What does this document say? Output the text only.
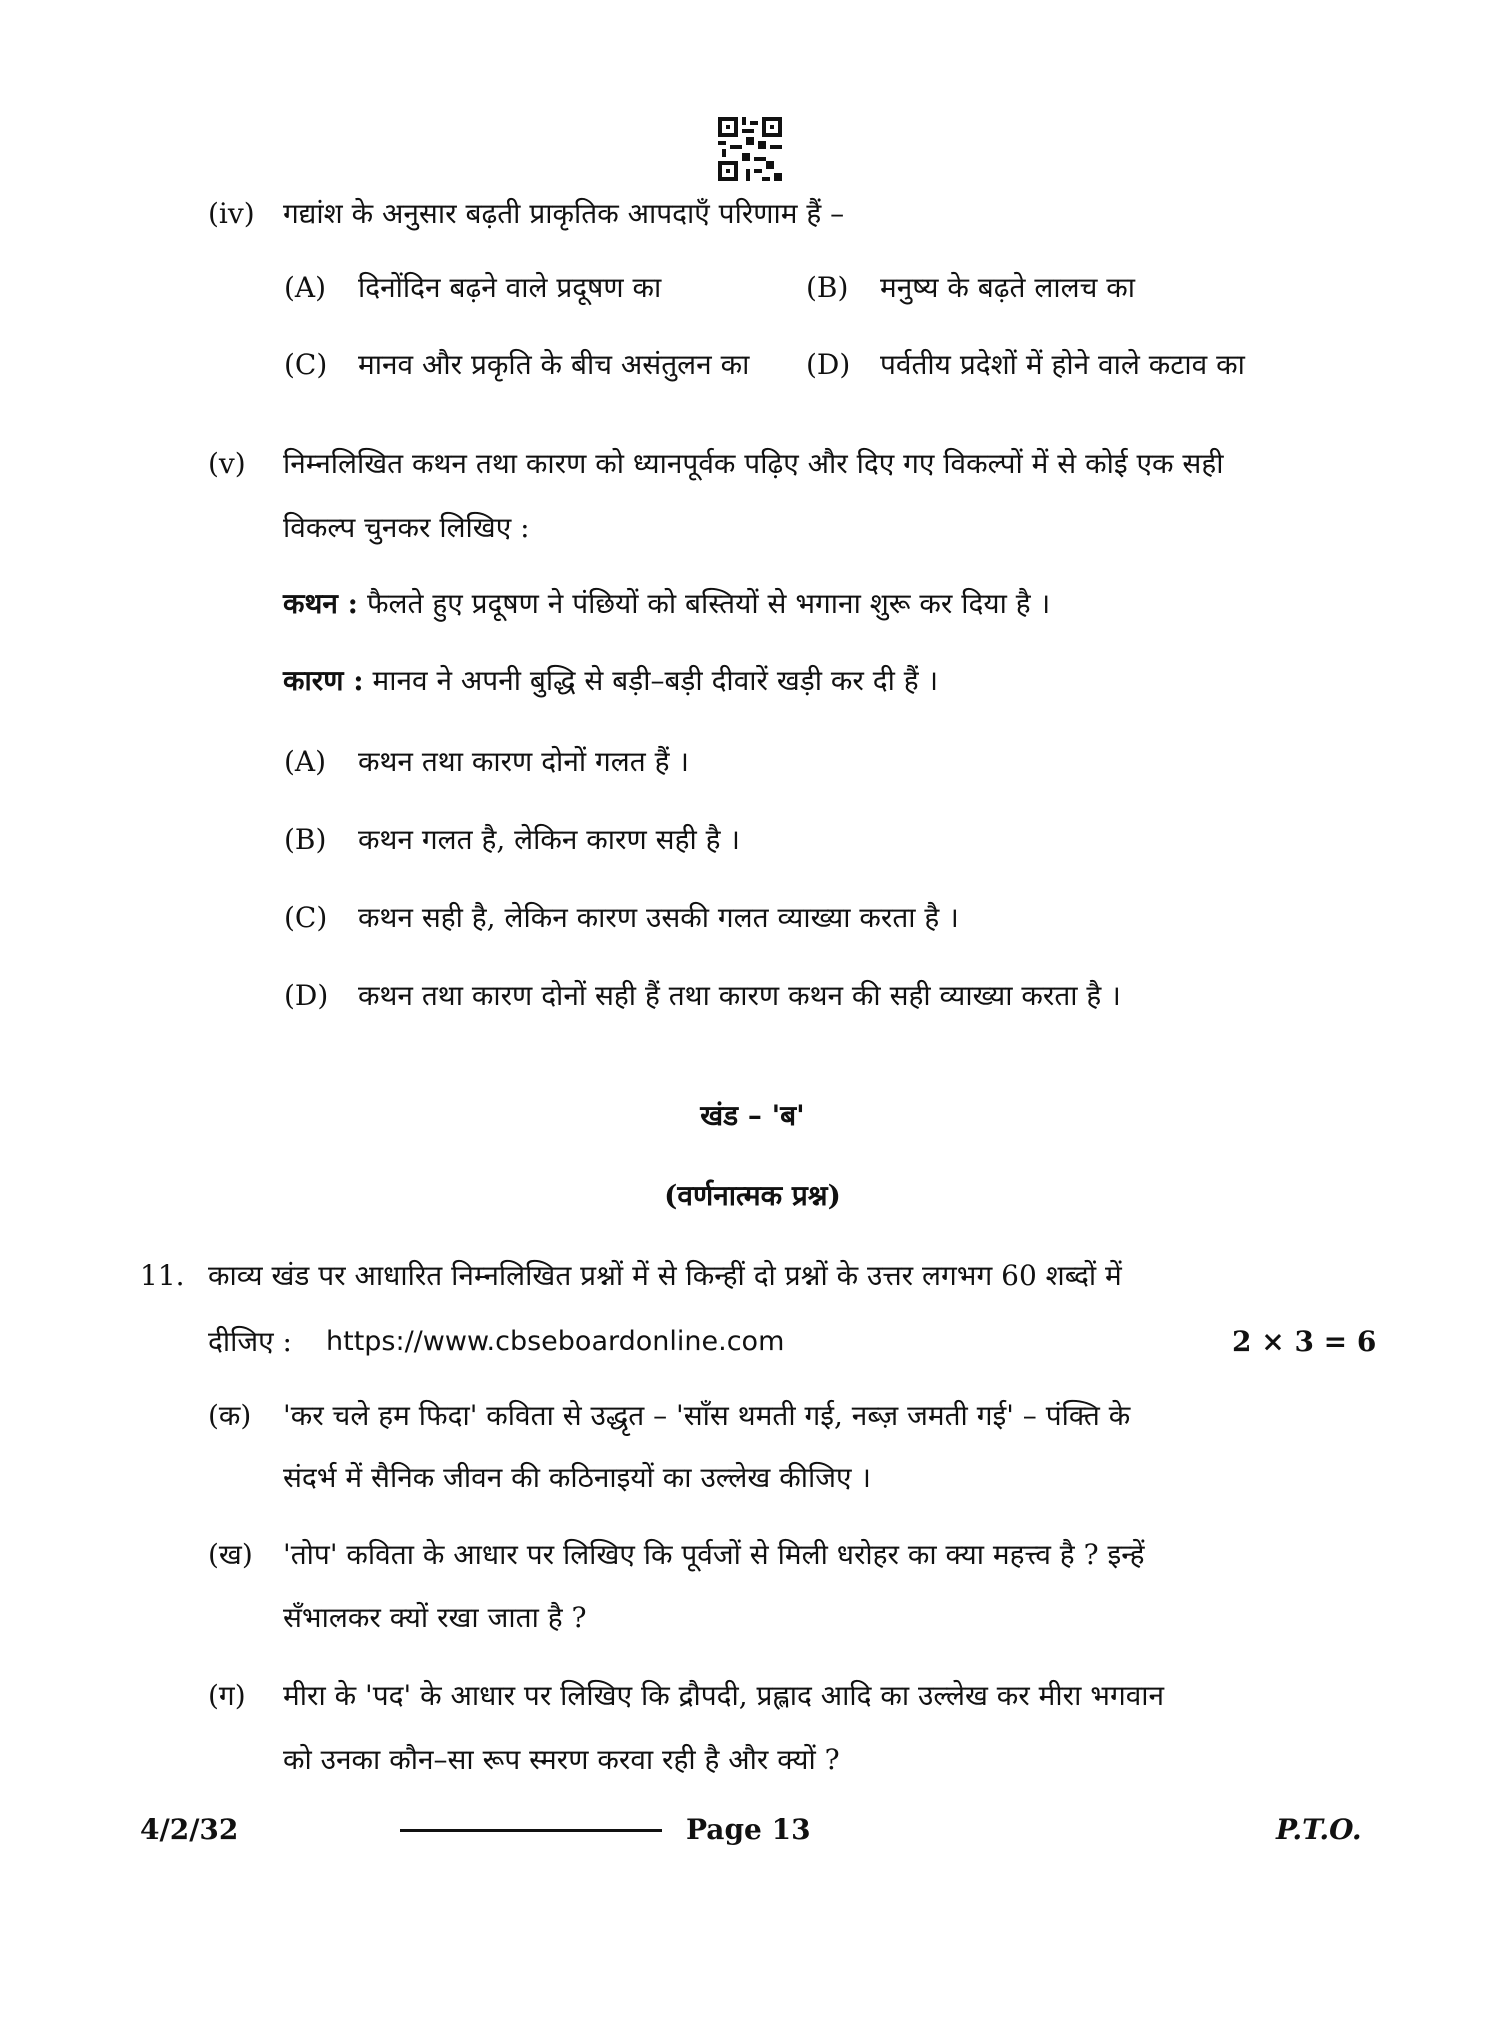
(iv) गद्यांश के अनुसार बढ़ती प्राकृतिक आपदाएँ परिणाम हैं –
(A) दिनोंदिन बढ़ने वाले प्रदूषण का	(B) मनुष्य के बढ़ते लालच का
(C) मानव और प्रकृति के बीच असंतुलन का (D) पर्वतीय प्रदेशों में होने वाले कटाव का
(v) निम्नलिखित कथन तथा कारण को ध्यानपूर्वक पढ़िए और दिए गए विकल्पों में से कोई एक सही
विकल्प चुनकर लिखिए :
कथन : फैलते हुए प्रदूषण ने पंछियों को बस्तियों से भगाना शुरू कर दिया है ।
कारण : मानव ने अपनी बुद्धि से बड़ी–बड़ी दीवारें खड़ी कर दी हैं ।
(A) कथन तथा कारण दोनों गलत हैं ।
(B) कथन गलत है, लेकिन कारण सही है ।
(C) कथन सही है, लेकिन कारण उसकी गलत व्याख्या करता है ।
(D) कथन तथा कारण दोनों सही हैं तथा कारण कथन की सही व्याख्या करता है ।
खंड – 'ब'
(वर्णनात्मक प्रश्न)
11. काव्य खंड पर आधारित निम्नलिखित प्रश्नों में से किन्हीं दो प्रश्नों के उत्तर लगभग 60 शब्दों में
दीजिए : https://www.cbseboardonline.com	2 × 3 = 6
(क) 'कर चले हम फिदा' कविता से उद्धृत – 'साँस थमती गई, नब्ज़ जमती गई' – पंक्ति के
संदर्भ में सैनिक जीवन की कठिनाइयों का उल्लेख कीजिए ।
(ख) 'तोप' कविता के आधार पर लिखिए कि पूर्वजों से मिली धरोहर का क्या महत्त्व है ? इन्हें
सँभालकर क्यों रखा जाता है ?
(ग) मीरा के 'पद' के आधार पर लिखिए कि द्रौपदी, प्रह्लाद आदि का उल्लेख कर मीरा भगवान
को उनका कौन–सा रूप स्मरण करवा रही है और क्यों ?
4/2/32	Page 13	P.T.O.
